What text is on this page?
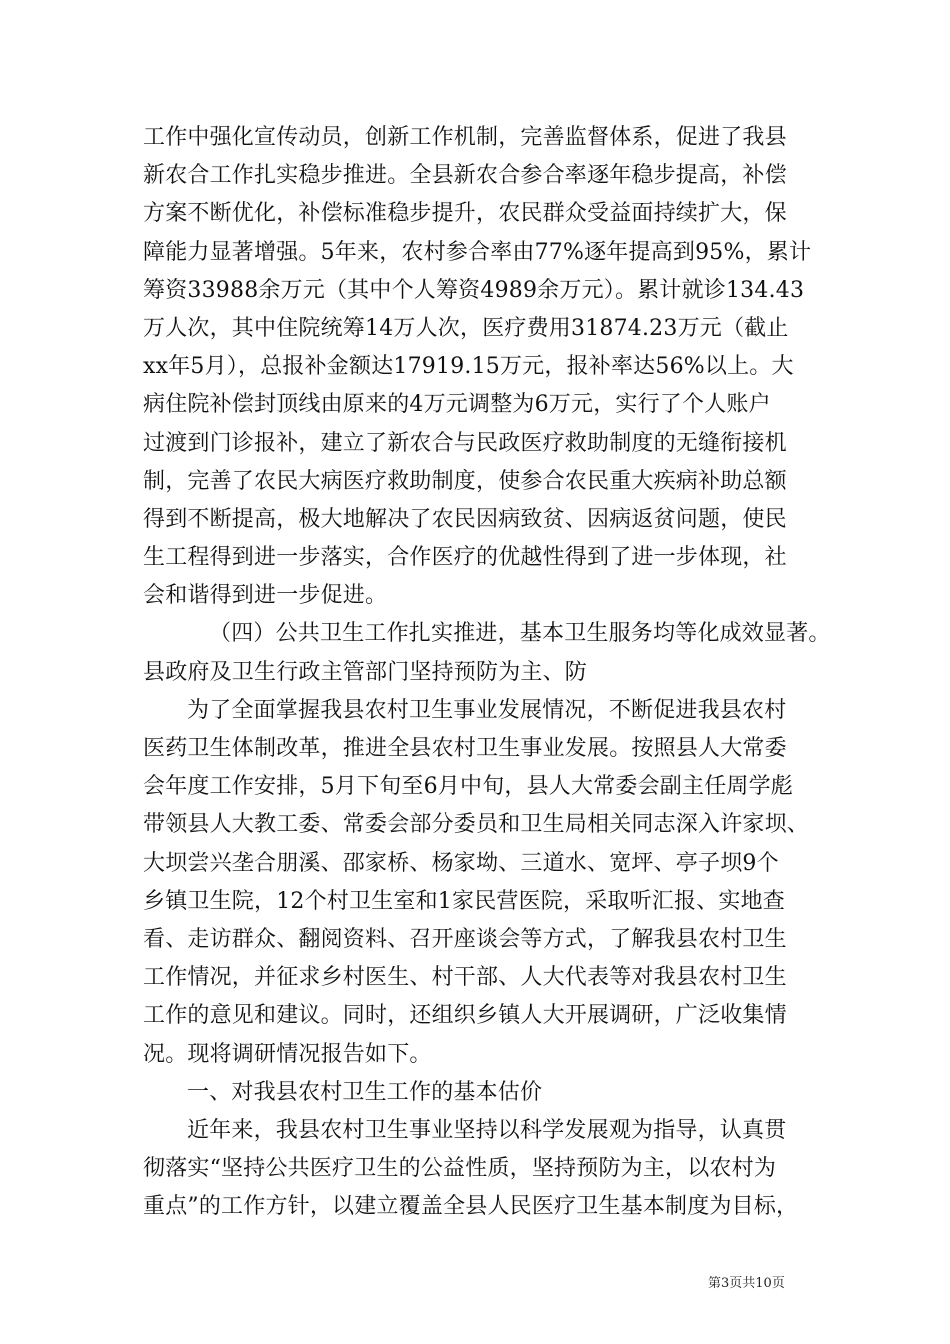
工作中强化宣传动员，创新工作机制，完善监督体系，促进了我县
新农合工作扎实稳步推进。全县新农合参合率逐年稳步提高，补偿
方案不断优化，补偿标准稳步提升，农民群众受益面持续扩大，保
障能力显著增强。5年来，农村参合率由77%逐年提高到95%，累计
筹资33988余万元（其中个人筹资4989余万元）。累计就诊134.43
万人次，其中住院统筹14万人次，医疗费用31874.23万元（截止
xx年5月），总报补金额达17919.15万元，报补率达56%以上。大
病住院补偿封顶线由原来的4万元调整为6万元，实行了个人账户
过渡到门诊报补，建立了新农合与民政医疗救助制度的无缝衔接机
制，完善了农民大病医疗救助制度，使参合农民重大疾病补助总额
得到不断提高，极大地解决了农民因病致贫、因病返贫问题，使民
生工程得到进一步落实，合作医疗的优越性得到了进一步体现，社
会和谐得到进一步促进。
（四）公共卫生工作扎实推进，基本卫生服务均等化成效显著。
县政府及卫生行政主管部门坚持预防为主、防
为了全面掌握我县农村卫生事业发展情况，不断促进我县农村
医药卫生体制改革，推进全县农村卫生事业发展。按照县人大常委
会年度工作安排，5月下旬至6月中旬，县人大常委会副主任周学彪
带领县人大教工委、常委会部分委员和卫生局相关同志深入许家坝、
大坝尝兴垄合朋溪、邵家桥、杨家坳、三道水、宽坪、亭子坝9个
乡镇卫生院，12个村卫生室和1家民营医院，采取听汇报、实地查
看、走访群众、翻阅资料、召开座谈会等方式，了解我县农村卫生
工作情况，并征求乡村医生、村干部、人大代表等对我县农村卫生
工作的意见和建议。同时，还组织乡镇人大开展调研，广泛收集情
况。现将调研情况报告如下。
一、对我县农村卫生工作的基本估价
近年来，我县农村卫生事业坚持以科学发展观为指导，认真贯
彻落实“坚持公共医疗卫生的公益性质，坚持预防为主，以农村为
重点”的工作方针，以建立覆盖全县人民医疗卫生基本制度为目标，
第3页共10页
